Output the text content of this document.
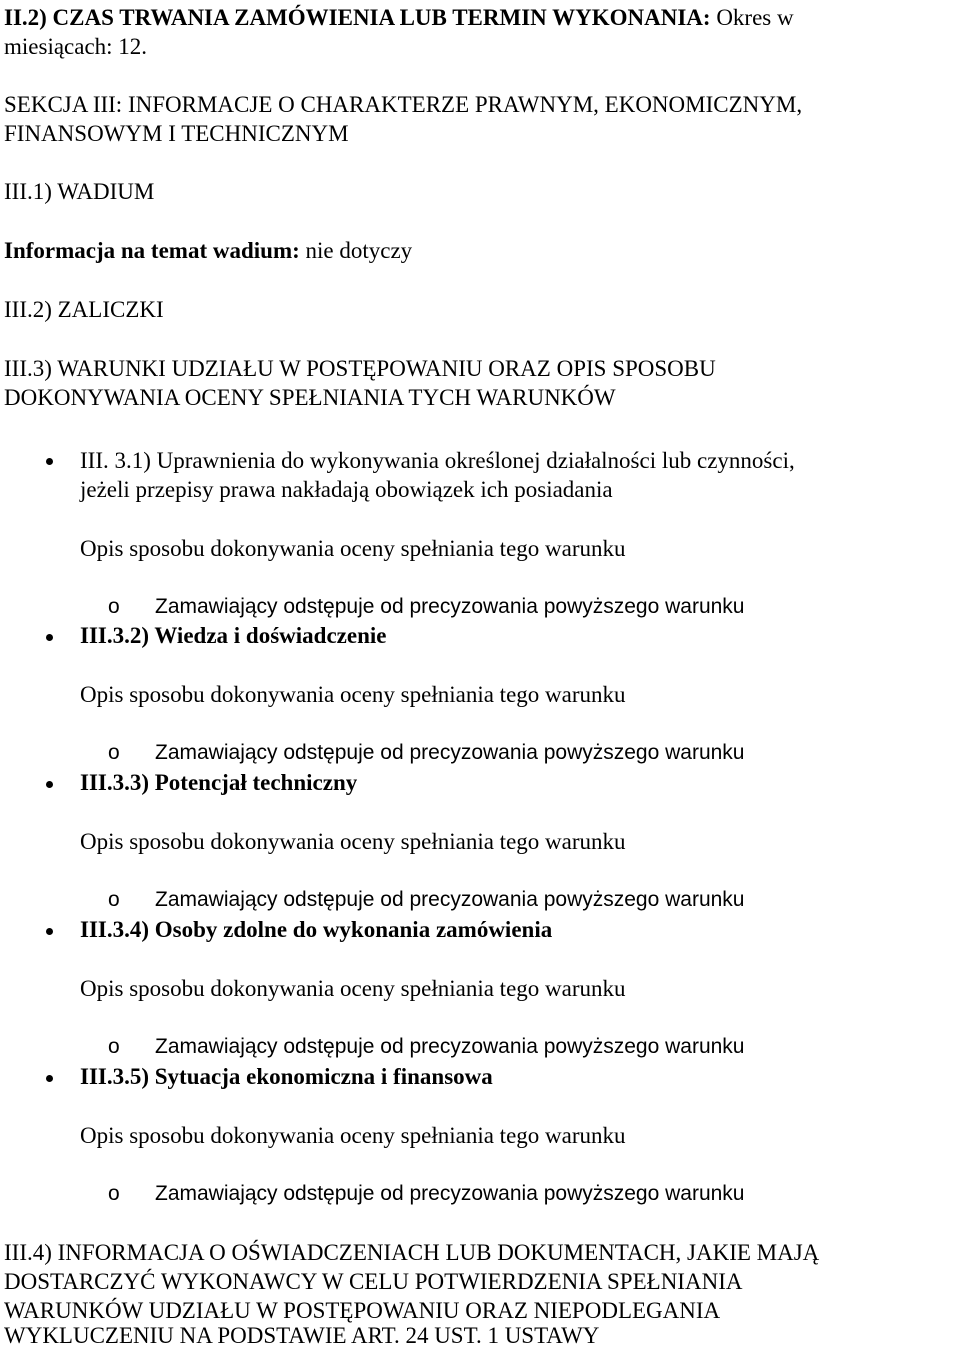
II.2) CZAS TRWANIA ZAMÓWIENIA LUB TERMIN WYKONANIA: Okres w
miesiącach: 12.
SEKCJA III: INFORMACJE O CHARAKTERZE PRAWNYM, EKONOMICZNYM,
FINANSOWYM I TECHNICZNYM
III.1) WADIUM
Informacja na temat wadium: nie dotyczy
III.2) ZALICZKI
III.3) WARUNKI UDZIAŁU W POSTĘPOWANIU ORAZ OPIS SPOSOBU
DOKONYWANIA OCENY SPEŁNIANIA TYCH WARUNKÓW
III. 3.1) Uprawnienia do wykonywania określonej działalności lub czynności,
jeżeli przepisy prawa nakładają obowiązek ich posiadania
Opis sposobu dokonywania oceny spełniania tego warunku
o Zamawiający odstępuje od precyzowania powyższego warunku
III.3.2) Wiedza i doświadczenie
Opis sposobu dokonywania oceny spełniania tego warunku
o Zamawiający odstępuje od precyzowania powyższego warunku
III.3.3) Potencjał techniczny
Opis sposobu dokonywania oceny spełniania tego warunku
o Zamawiający odstępuje od precyzowania powyższego warunku
III.3.4) Osoby zdolne do wykonania zamówienia
Opis sposobu dokonywania oceny spełniania tego warunku
o Zamawiający odstępuje od precyzowania powyższego warunku
III.3.5) Sytuacja ekonomiczna i finansowa
Opis sposobu dokonywania oceny spełniania tego warunku
o Zamawiający odstępuje od precyzowania powyższego warunku
III.4) INFORMACJA O OŚWIADCZENIACH LUB DOKUMENTACH, JAKIE MAJĄ
DOSTARCZYĆ WYKONAWCY W CELU POTWIERDZENIA SPEŁNIANIA
WARUNKÓW UDZIAŁU W POSTĘPOWANIU ORAZ NIEPODLEGANIA
WYKLUCZENIU NA PODSTAWIE ART. 24 UST. 1 USTAWY
